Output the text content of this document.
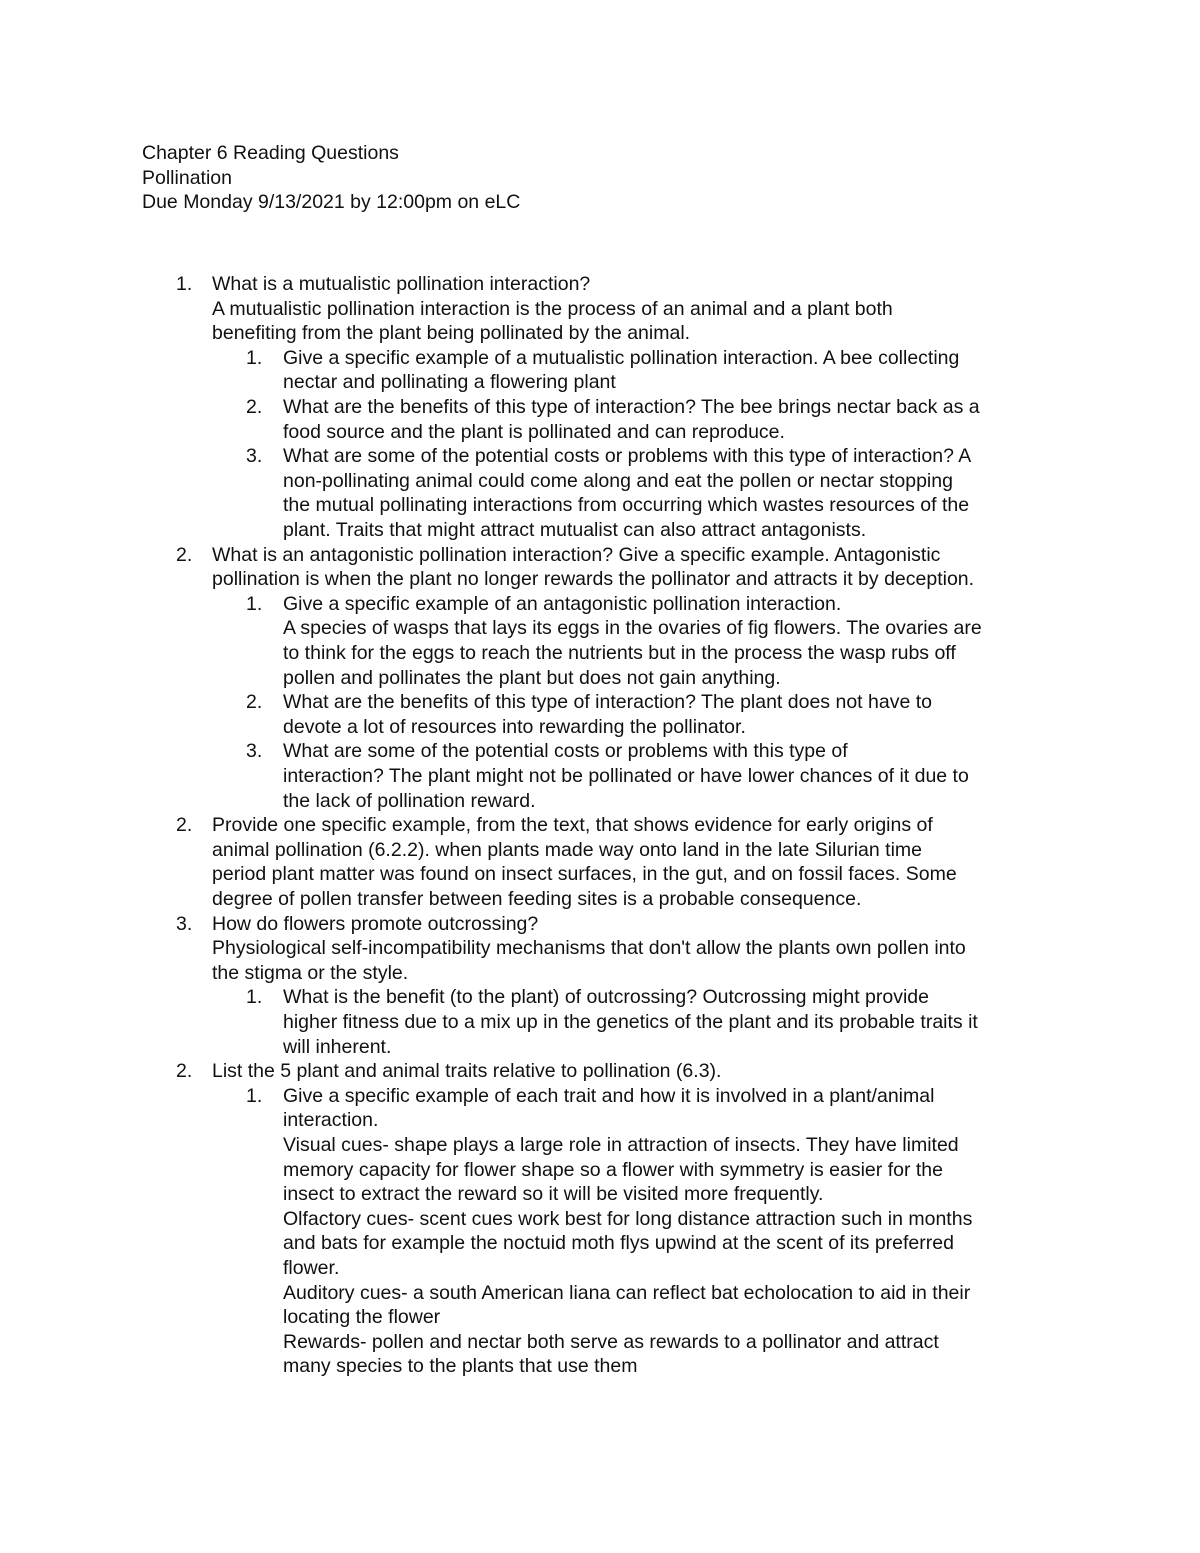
Chapter 6 Reading Questions
Pollination
Due Monday 9/13/2021 by 12:00pm on eLC
1. What is a mutualistic pollination interaction?
A mutualistic pollination interaction is the process of an animal and a plant both
benefiting from the plant being pollinated by the animal.
1. Give a specific example of a mutualistic pollination interaction. A bee collecting
nectar and pollinating a flowering plant
2. What are the benefits of this type of interaction? The bee brings nectar back as a
food source and the plant is pollinated and can reproduce.
3. What are some of the potential costs or problems with this type of interaction? A
non-pollinating animal could come along and eat the pollen or nectar stopping
the mutual pollinating interactions from occurring which wastes resources of the
plant. Traits that might attract mutualist can also attract antagonists.
2. What is an antagonistic pollination interaction? Give a specific example. Antagonistic
pollination is when the plant no longer rewards the pollinator and attracts it by deception.
1. Give a specific example of an antagonistic pollination interaction.
A species of wasps that lays its eggs in the ovaries of fig flowers. The ovaries are
to think for the eggs to reach the nutrients but in the process the wasp rubs off
pollen and pollinates the plant but does not gain anything.
2. What are the benefits of this type of interaction? The plant does not have to
devote a lot of resources into rewarding the pollinator.
3. What are some of the potential costs or problems with this type of
interaction? The plant might not be pollinated or have lower chances of it due to
the lack of pollination reward.
2. Provide one specific example, from the text, that shows evidence for early origins of
animal pollination (6.2.2). when plants made way onto land in the late Silurian time
period plant matter was found on insect surfaces, in the gut, and on fossil faces. Some
degree of pollen transfer between feeding sites is a probable consequence.
3. How do flowers promote outcrossing?
Physiological self-incompatibility mechanisms that don't allow the plants own pollen into
the stigma or the style.
1. What is the benefit (to the plant) of outcrossing? Outcrossing might provide
higher fitness due to a mix up in the genetics of the plant and its probable traits it
will inherent.
2. List the 5 plant and animal traits relative to pollination (6.3).
1. Give a specific example of each trait and how it is involved in a plant/animal
interaction.
Visual cues- shape plays a large role in attraction of insects. They have limited
memory capacity for flower shape so a flower with symmetry is easier for the
insect to extract the reward so it will be visited more frequently.
Olfactory cues- scent cues work best for long distance attraction such in months
and bats for example the noctuid moth flys upwind at the scent of its preferred
flower.
Auditory cues- a south American liana can reflect bat echolocation to aid in their
locating the flower
Rewards- pollen and nectar both serve as rewards to a pollinator and attract
many species to the plants that use them
